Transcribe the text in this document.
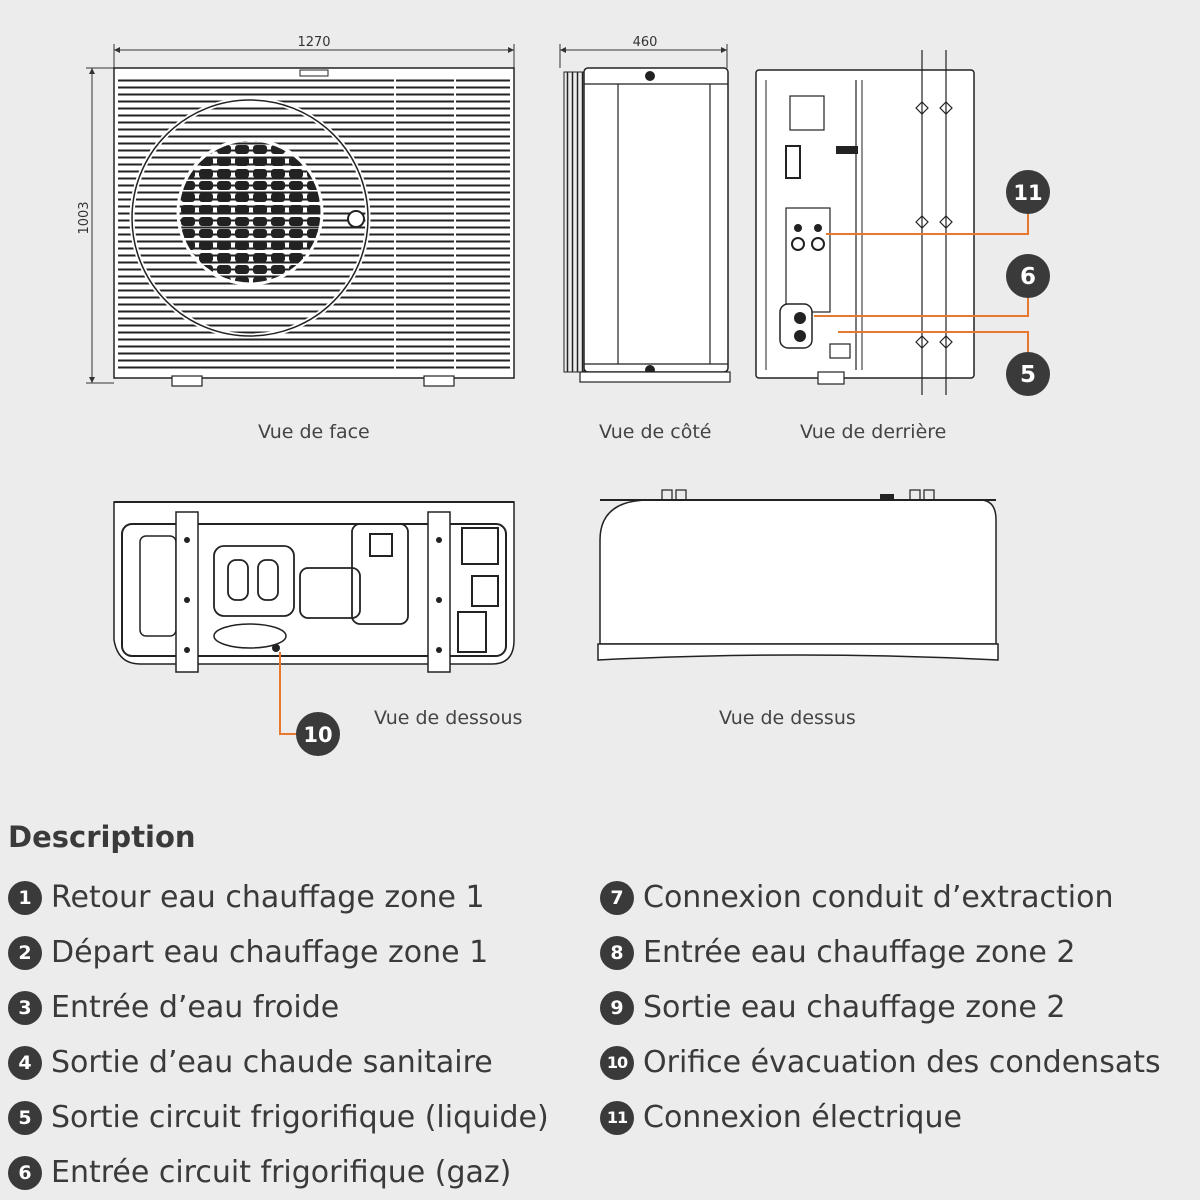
1270
1003
460
11
6
5
10
Vue de face	Vue de côté	Vue de derrière
Vue de dessous	Vue de dessus
Description
1 Retour eau chauffage zone 1
2 Départ eau chauffage zone 1
3 Entrée d’eau froide
4 Sortie d’eau chaude sanitaire
5 Sortie circuit frigorifique (liquide)
6 Entrée circuit frigorifique (gaz)
7 Connexion conduit d’extraction
8 Entrée eau chauffage zone 2
9 Sortie eau chauffage zone 2
10 Orifice évacuation des condensats
11 Connexion électrique
